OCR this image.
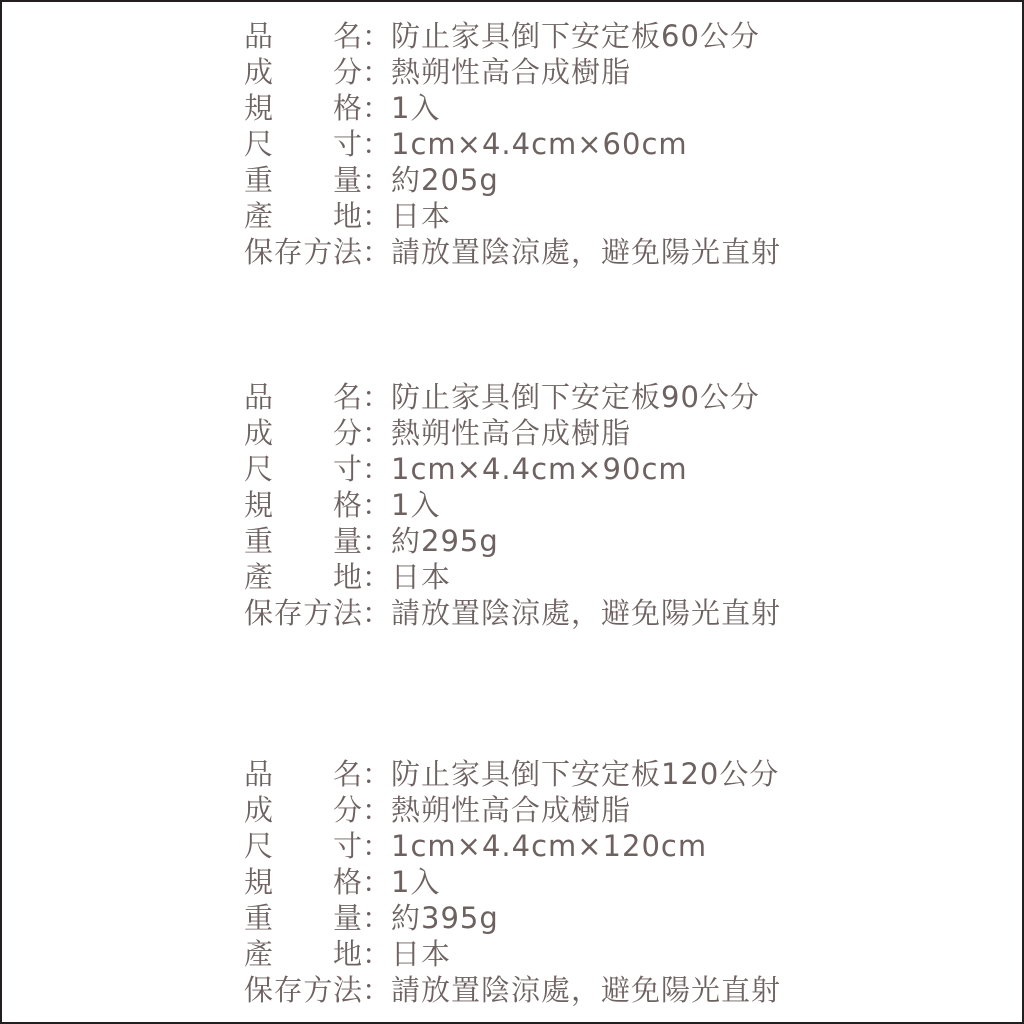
品名 ： 防止家具倒下安定板60公分
成分 ： 熱朔性高合成樹脂
規格 ： 1入
尺寸 ： 1cm×4.4cm×60cm
重量 ： 約205g
產地 ： 日本
保存方法 ： 請放置陰涼處，避免陽光直射
品名 ： 防止家具倒下安定板90公分
成分 ： 熱朔性高合成樹脂
尺寸 ： 1cm×4.4cm×90cm
規格 ： 1入
重量 ： 約295g
產地 ： 日本
保存方法 ： 請放置陰涼處，避免陽光直射
品名 ： 防止家具倒下安定板120公分
成分 ： 熱朔性高合成樹脂
尺寸 ： 1cm×4.4cm×120cm
規格 ： 1入
重量 ： 約395g
產地 ： 日本
保存方法 ： 請放置陰涼處，避免陽光直射
